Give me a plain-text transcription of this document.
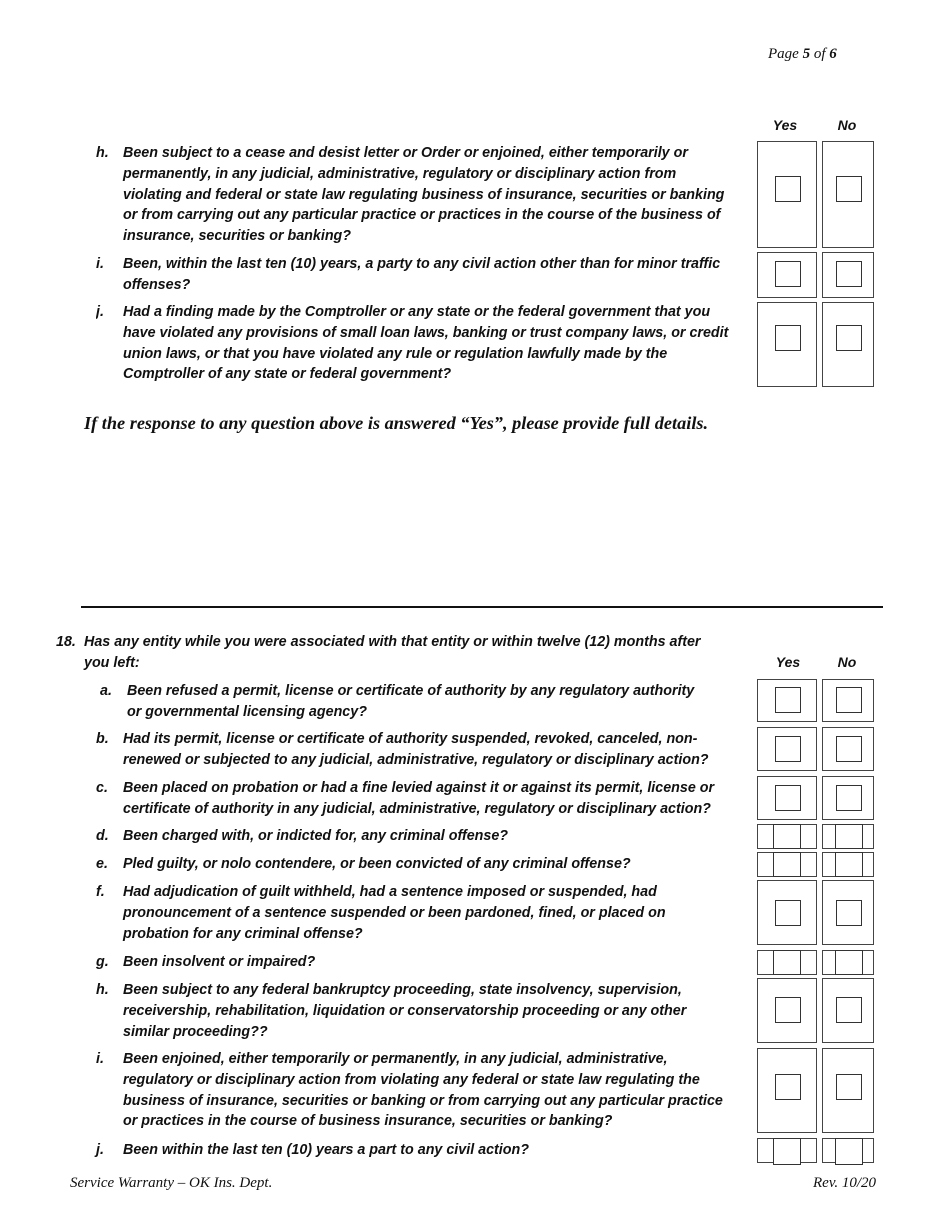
Page 5 of 6
Yes	No
h. Been subject to a cease and desist letter or Order or enjoined, either temporarily or
permanently, in any judicial, administrative, regulatory or disciplinary action from
violating and federal or state law regulating business of insurance, securities or banking
or from carrying out any particular practice or practices in the course of the business of
insurance, securities or banking?
i. Been, within the last ten (10) years, a party to any civil action other than for minor traffic
offenses?
j. Had a finding made by the Comptroller or any state or the federal government that you
have violated any provisions of small loan laws, banking or trust company laws, or credit
union laws, or that you have violated any rule or regulation lawfully made by the
Comptroller of any state or federal government?
If the response to any question above is answered “Yes”, please provide full details.
18. Has any entity while you were associated with that entity or within twelve (12) months after
you left:	Yes	No
a. Been refused a permit, license or certificate of authority by any regulatory authority
or governmental licensing agency?
b. Had its permit, license or certificate of authority suspended, revoked, canceled, non-
renewed or subjected to any judicial, administrative, regulatory or disciplinary action?
c. Been placed on probation or had a fine levied against it or against its permit, license or
certificate of authority in any judicial, administrative, regulatory or disciplinary action?
d. Been charged with, or indicted for, any criminal offense?
e. Pled guilty, or nolo contendere, or been convicted of any criminal offense?
f. Had adjudication of guilt withheld, had a sentence imposed or suspended, had
pronouncement of a sentence suspended or been pardoned, fined, or placed on
probation for any criminal offense?
g. Been insolvent or impaired?
h. Been subject to any federal bankruptcy proceeding, state insolvency, supervision,
receivership, rehabilitation, liquidation or conservatorship proceeding or any other
similar proceeding??
i. Been enjoined, either temporarily or permanently, in any judicial, administrative,
regulatory or disciplinary action from violating any federal or state law regulating the
business of insurance, securities or banking or from carrying out any particular practice
or practices in the course of business insurance, securities or banking?
j. Been within the last ten (10) years a part to any civil action?
Service Warranty – OK Ins. Dept.	Rev. 10/20
